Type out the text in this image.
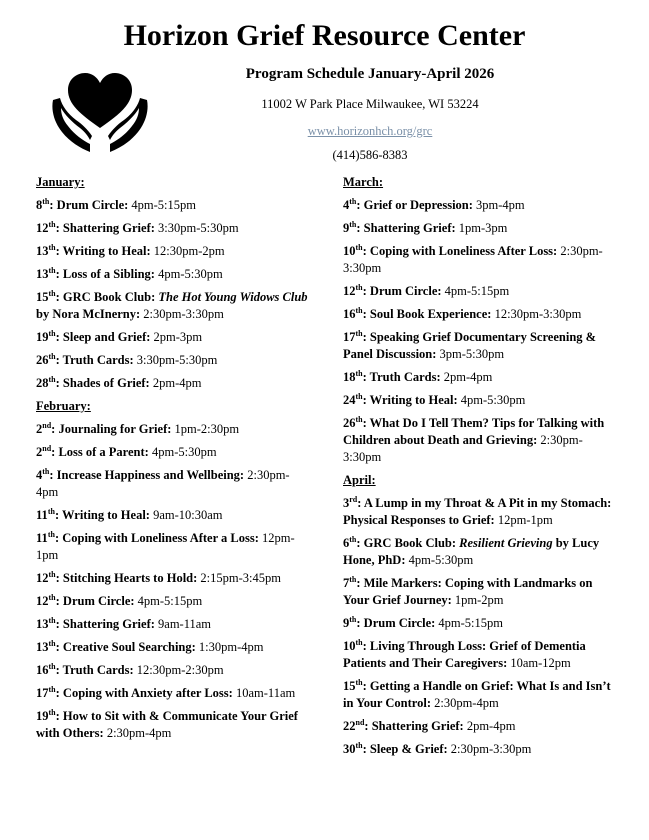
Horizon Grief Resource Center
Program Schedule January-April 2026
11002 W Park Place Milwaukee, WI 53224
www.horizonhch.org/grc
(414)586-8383
January:
8th: Drum Circle: 4pm-5:15pm
12th: Shattering Grief: 3:30pm-5:30pm
13th: Writing to Heal: 12:30pm-2pm
13th: Loss of a Sibling: 4pm-5:30pm
15th: GRC Book Club: The Hot Young Widows Club by Nora McInerny: 2:30pm-3:30pm
19th: Sleep and Grief: 2pm-3pm
26th: Truth Cards: 3:30pm-5:30pm
28th: Shades of Grief: 2pm-4pm
February:
2nd: Journaling for Grief: 1pm-2:30pm
2nd: Loss of a Parent: 4pm-5:30pm
4th: Increase Happiness and Wellbeing: 2:30pm-4pm
11th: Writing to Heal: 9am-10:30am
11th: Coping with Loneliness After a Loss: 12pm-1pm
12th: Stitching Hearts to Hold: 2:15pm-3:45pm
12th: Drum Circle: 4pm-5:15pm
13th: Shattering Grief: 9am-11am
13th: Creative Soul Searching: 1:30pm-4pm
16th: Truth Cards: 12:30pm-2:30pm
17th: Coping with Anxiety after Loss: 10am-11am
19th: How to Sit with & Communicate Your Grief with Others: 2:30pm-4pm
March:
4th: Grief or Depression: 3pm-4pm
9th: Shattering Grief: 1pm-3pm
10th: Coping with Loneliness After Loss: 2:30pm-3:30pm
12th: Drum Circle: 4pm-5:15pm
16th: Soul Book Experience: 12:30pm-3:30pm
17th: Speaking Grief Documentary Screening & Panel Discussion: 3pm-5:30pm
18th: Truth Cards: 2pm-4pm
24th: Writing to Heal: 4pm-5:30pm
26th: What Do I Tell Them? Tips for Talking with Children about Death and Grieving: 2:30pm-3:30pm
April:
3rd: A Lump in my Throat & A Pit in my Stomach: Physical Responses to Grief: 12pm-1pm
6th: GRC Book Club: Resilient Grieving by Lucy Hone, PhD: 4pm-5:30pm
7th: Mile Markers: Coping with Landmarks on Your Grief Journey: 1pm-2pm
9th: Drum Circle: 4pm-5:15pm
10th: Living Through Loss: Grief of Dementia Patients and Their Caregivers: 10am-12pm
15th: Getting a Handle on Grief: What Is and Isn’t in Your Control: 2:30pm-4pm
22nd: Shattering Grief: 2pm-4pm
30th: Sleep & Grief: 2:30pm-3:30pm
